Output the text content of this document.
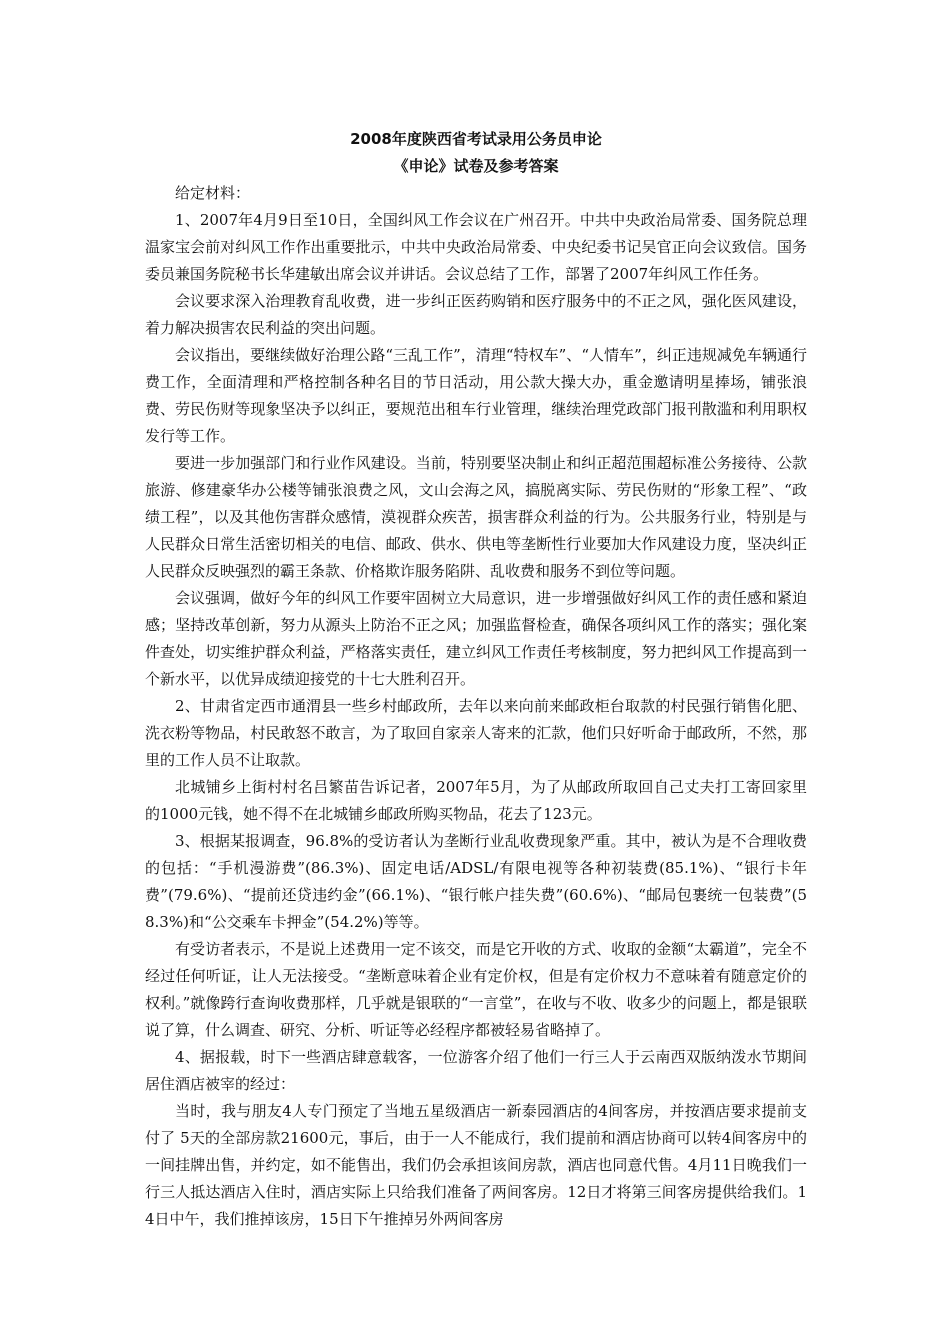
2008年度陕西省考试录用公务员申论

《申论》试卷及参考答案

给定材料：

1、2007年4月9日至10日，全国纠风工作会议在广州召开。中共中央政治局常委、国务院总理温家宝会前对纠风工作作出重要批示，中共中央政治局常委、中央纪委书记吴官正向会议致信。国务委员兼国务院秘书长华建敏出席会议并讲话。会议总结了工作，部署了2007年纠风工作任务。

会议要求深入治理教育乱收费，进一步纠正医药购销和医疗服务中的不正之风，强化医风建设，着力解决损害农民利益的突出问题。

会议指出，要继续做好治理公路“三乱工作”，清理“特权车”、“人情车”，纠正违规减免车辆通行费工作，全面清理和严格控制各种名目的节日活动，用公款大操大办，重金邀请明星捧场，铺张浪费、劳民伤财等现象坚决予以纠正，要规范出租车行业管理，继续治理党政部门报刊散滥和利用职权发行等工作。

要进一步加强部门和行业作风建设。当前，特别要坚决制止和纠正超范围超标准公务接待、公款旅游、修建豪华办公楼等铺张浪费之风，文山会海之风，搞脱离实际、劳民伤财的“形象工程”、“政绩工程”，以及其他伤害群众感情，漠视群众疾苦，损害群众利益的行为。公共服务行业，特别是与人民群众日常生活密切相关的电信、邮政、供水、供电等垄断性行业要加大作风建设力度，坚决纠正人民群众反映强烈的霸王条款、价格欺诈服务陷阱、乱收费和服务不到位等问题。

会议强调，做好今年的纠风工作要牢固树立大局意识，进一步增强做好纠风工作的责任感和紧迫感；坚持改革创新，努力从源头上防治不正之风；加强监督检查，确保各项纠风工作的落实；强化案件查处，切实维护群众利益，严格落实责任，建立纠风工作责任考核制度，努力把纠风工作提高到一个新水平，以优异成绩迎接党的十七大胜利召开。

2、甘肃省定西市通渭县一些乡村邮政所，去年以来向前来邮政柜台取款的村民强行销售化肥、洗衣粉等物品，村民敢怒不敢言，为了取回自家亲人寄来的汇款，他们只好听命于邮政所，不然，那里的工作人员不让取款。

北城铺乡上街村村名吕繁苗告诉记者，2007年5月，为了从邮政所取回自己丈夫打工寄回家里的1000元钱，她不得不在北城铺乡邮政所购买物品，花去了123元。

3、根据某报调查，96.8%的受访者认为垄断行业乱收费现象严重。其中，被认为是不合理收费的包括：“手机漫游费”(86.3%)、固定电话/ADSL/有限电视等各种初装费(85.1%)、“银行卡年费”(79.6%)、“提前还贷违约金”(66.1%)、“银行帐户挂失费”(60.6%)、“邮局包裹统一包装费”(58.3%)和“公交乘车卡押金”(54.2%)等等。

有受访者表示，不是说上述费用一定不该交，而是它开收的方式、收取的金额“太霸道”，完全不经过任何听证，让人无法接受。“垄断意味着企业有定价权，但是有定价权力不意味着有随意定价的权利。”就像跨行查询收费那样，几乎就是银联的“一言堂”，在收与不收、收多少的问题上，都是银联说了算，什么调查、研究、分析、听证等必经程序都被轻易省略掉了。

4、据报载，时下一些酒店肆意载客，一位游客介绍了他们一行三人于云南西双版纳泼水节期间居住酒店被宰的经过：

当时，我与朋友4人专门预定了当地五星级酒店一新泰园酒店的4间客房，并按酒店要求提前支付了 5天的全部房款21600元，事后，由于一人不能成行，我们提前和酒店协商可以转4间客房中的一间挂牌出售，并约定，如不能售出，我们仍会承担该间房款，酒店也同意代售。4月11日晚我们一行三人抵达酒店入住时，酒店实际上只给我们准备了两间客房。12日才将第三间客房提供给我们。14日中午，我们推掉该房，15日下午推掉另外两间客房
